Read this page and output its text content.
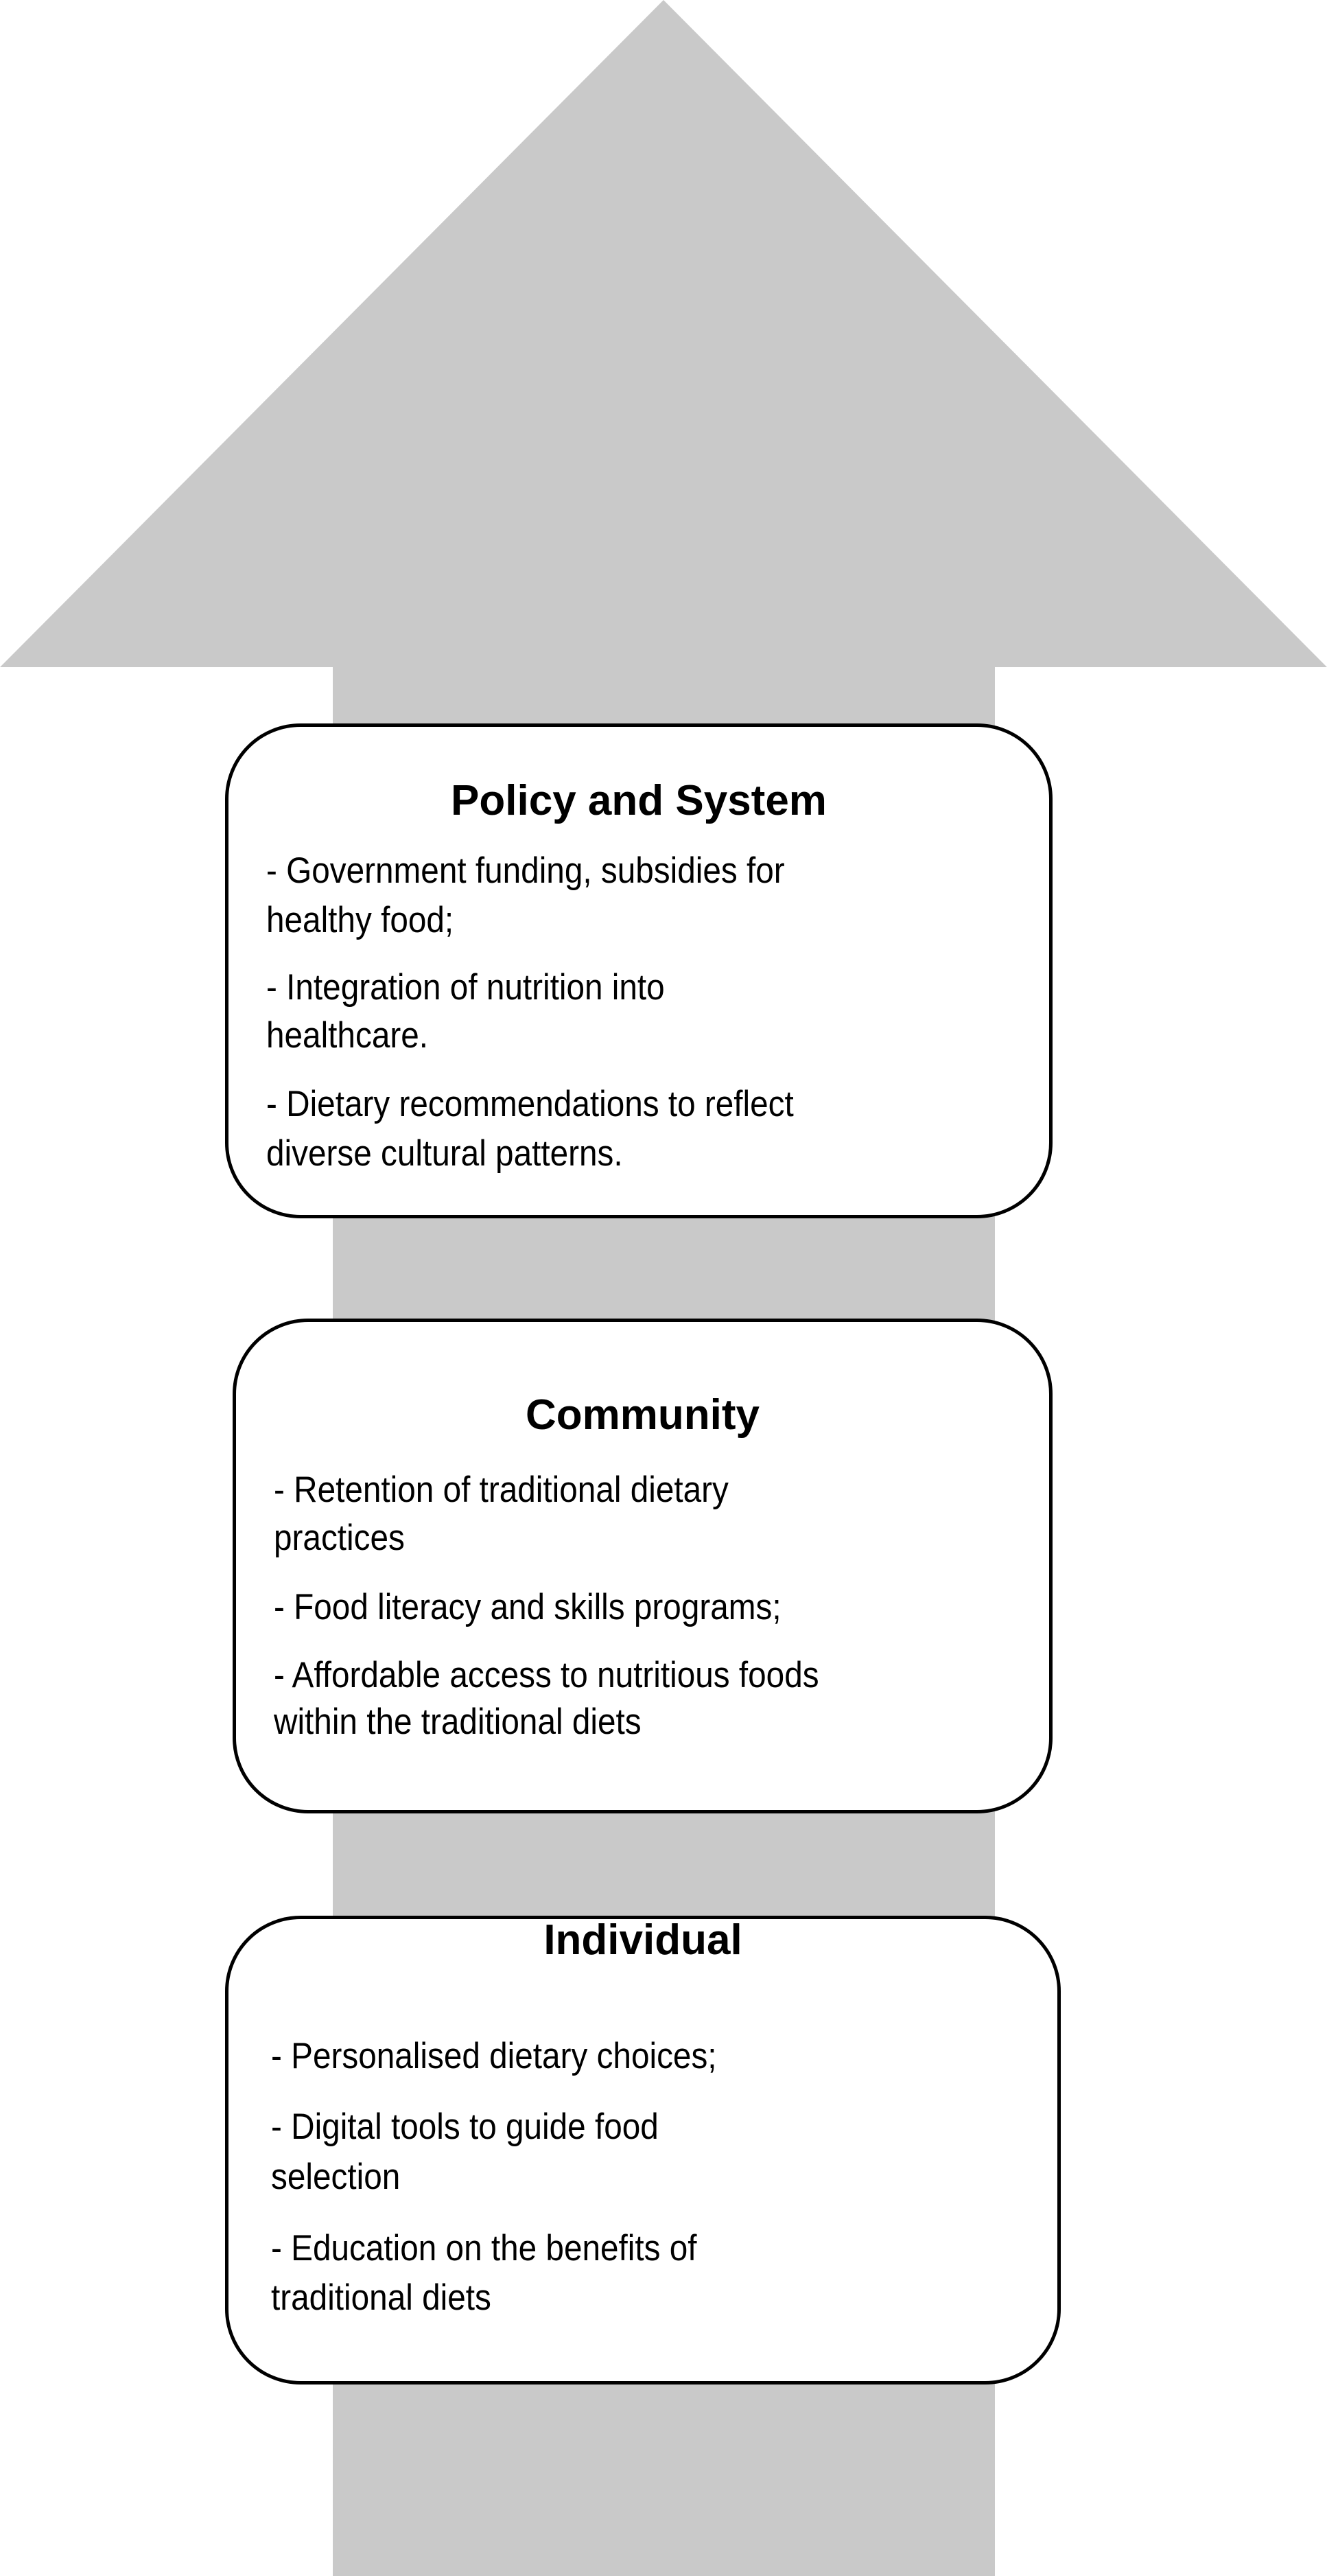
Policy and System
- Government funding, subsidies for
healthy food;
- Integration of nutrition into
healthcare.
- Dietary recommendations to reflect
diverse cultural patterns.
Community
- Retention of traditional dietary
practices
- Food literacy and skills programs;
- Affordable access to nutritious foods
within the traditional diets
Individual
- Personalised dietary choices;
- Digital tools to guide food
selection
- Education on the benefits of
traditional diets
